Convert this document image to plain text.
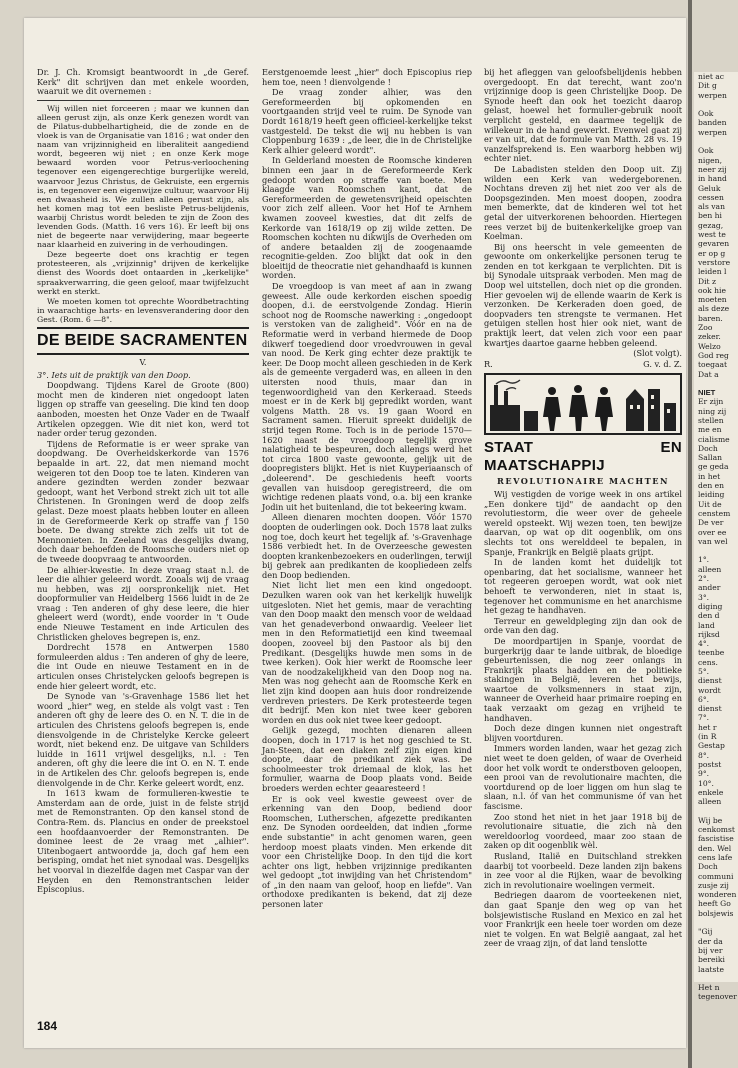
Dr. J. Ch. Kromsigt beantwoordt in „de Geref. Kerk" dit schrijven dan met enkele woorden, waaruit we dit overnemen :

Wij willen niet forceeren ; maar we kunnen dan alleen gerust zijn, als onze Kerk genezen wordt van de Pilatus-dubbelhartigheid, die de zonde en de vloek is van de Organisatie van 1816 ; wat onder den naam van vrijzinnigheid en liberaliteit aangediend wordt, begeeren wij niet ; en onze Kerk moge bewaard worden voor Petrus-verloochening tegenover een eigengerechtige burgerlijke wereld, waarvoor Jezus Christus, de Gekruiste, een ergernis is, en tegenover een eigenwijze cultuur, waarvoor Hij een dwaasheid is. We zullen alleen gerust zijn, als het komen mag tot een besliste Petrus-belijdenis, waarbij Christus wordt beleden te zijn de Zoon des levenden Gods. (Matth. 16 vers 16). Er leeft bij ons niet de begeerte naar verwijdering, maar begeerte naar klaarheid en zuivering in de verhoudingen.

Deze begeerte doet ons krachtig er tegen protesteeren, als „vrijzinnig" drijven de kerkelijke dienst des Woords doet ontaarden in „kerkelijke" spraakverwarring, die geen geloof, maar twijfelzucht werkt en sterkt.

We moeten komen tot oprechte Woordbetrachting in waarachtige harts- en levensverandering door den Gest. (Rom. 6 —8".

DE BEIDE SACRAMENTEN
V.

3°. Iets uit de praktijk van den Doop.

Doopdwang. Tijdens Karel de Groote (800) mocht men de kinderen niet ongedoopt laten liggen op straffe van geeseling. Die kind ten doop aanboden, moesten het Onze Vader en de Twaalf Artikelen opzeggen. Wie dit niet kon, werd tot nader order terug gezonden.

Tijdens de Reformatie is er weer sprake van doopdwang. De Overheidskerkorde van 1576 bepaalde in art. 22, dat men niemand mocht weigeren tot den Doop toe te laten. Kinderen van andere gezindten werden zonder bezwaar gedoopt, want het Verbond strekt zich uit tot alle Christenen. In Groningen werd de doop zelfs gelast. Deze moest plaats hebben louter en alleen in de Gereformeerde Kerk op straffe van ƒ 150 boete. De dwang strekte zich zelfs uit tot de Mennonieten. In Zeeland was desgelijks dwang, doch daar behoefden de Roomsche ouders niet op de tweede doopvraag te antwoorden.

De alhier-kwestie. In deze vraag staat n.l. de leer die alhier geleerd wordt. Zooals wij de vraag nu hebben, was zij oorspronkelijk niet. Het doopformulier van Heidelberg 1566 luidt in de 2e vraag : Ten anderen of ghy dese leere, die hier gheleert werd (wordt), ende voorder in 't Oude ende Nieuwe Testament en inde Articulen des Christlicken gheloves begrepen is, enz.

Dordrecht 1578 en Antwerpen 1580 formuleerden aldus : Ten anderen of ghy de leere, die int Oude en nieuwe Testament en in de articulen onses Christelycken geloofs begrepen is ende hier geleert wordt, etc.

De Synode van 's-Gravenhage 1586 liet het woord „hier" weg, en stelde als volgt vast : Ten anderen oft ghy de leere des O. en N. T. die in de articulen des Christens geloofs begrepen is, ende diensvolgende in de Christelyke Kercke geleert wordt, niet bekend enz. De uitgave van Schilders luidde in 1611 vrijwel desgelijks, n.l. : Ten anderen, oft ghy die leere die int O. en N. T. ende in de Artikelen des Chr. geloofs begrepen is, ende dienvolgende in de Chr. Kerke geleert wordt, enz.

In 1613 kwam de formulieren-kwestie te Amsterdam aan de orde, juist in de felste strijd met de Remonstranten. Op den kansel stond de Contra-Rem. ds. Plancius en onder de preekstoel een hoofdaanvoerder der Remonstranten. De dominee leest de 2e vraag met „alhier". Uitenbogaert antwoordde ja, doch gaf hem een berisping, omdat het niet synodaal was. Desgelijks het voorval in diezelfde dagen met Caspar van der Heyden en den Remonstrantschen leider Episcopius.

Eerstgenoemde leest „hier" doch Episcopius riep hem toe, neen ! dienvolgende !

De vraag zonder alhier, was den Gereformeerden bij opkomenden en voortgaanden strijd veel te ruim. De Synode van Dordt 1618/19 heeft geen officieel-kerkelijke tekst vastgesteld. De tekst die wij nu hebben is van Cloppenburg 1639 : „de leer, die in de Christelijke Kerk alhier geleerd wordt".

In Gelderland moesten de Roomsche kinderen binnen een jaar in de Gereformeerde Kerk gedoopt worden op straffe van boete. Men klaagde van Roomschen kant, dat de Gereformeerden de gewetensvrijheid opeischten voor zich zelf alleen. Voor het Hof te Arnhem kwamen zooveel kwesties, dat dit zelfs de Kerkorde van 1618/19 op zij wilde zetten. De Roomschen kochten nu dikwijls de Overheden om of andere betaalden zij de zoogenaamde recognitie-gelden. Zoo blijkt dat ook in den bloeitijd de theocratie niet gehandhaafd is kunnen worden.

De vroegdoop is van meet af aan in zwang geweest. Alle oude kerkorden eischen spoedig doopen, d.i. de eerstvolgende Zondag. Hierin schoot nog de Roomsche nawerking : „ongedoopt is verstoken van de zaligheid". Vóór en na de Reformatie werd in verband hiermede de Doop dikwerf toegediend door vroedvrouwen in geval van nood. De Kerk ging echter deze praktijk te keer. De Doop mocht alleen geschieden in de Kerk als de gemeente vergaderd was, en alleen in den uitersten nood thuis, maar dan in tegenwoordigheid van den Kerkeraad. Steeds moest er in de Kerk bij gepredikt worden, want volgens Matth. 28 vs. 19 gaan Woord en Sacrament samen. Hieruit spreekt duidelijk de strijd tegen Rome. Toch is in de periode 1570—1620 naast de vroegdoop tegelijk grove nalatigheid te bespeuren, doch allengs werd het tot circa 1800 vaste gewoonte, gelijk uit de doopregisters blijkt. Het is niet Kuyperiaansch of „doleerend". De geschiedenis heeft voorts gevallen van huisdoop geregistreerd, die om wichtige redenen plaats vond, o.a. bij een kranke Jodin uit het buitenland, die tot bekeering kwam.

Alleen dienaren mochten doopen. Vóór 1570 doopten de ouderlingen ook. Doch 1578 laat zulks nog toe, doch keurt het tegelijk af. 's-Gravenhage 1586 verbiedt het. In de Overzeesche gewesten doopten krankenbezoekers en ouderlingen, terwijl bij gebrek aan predikanten de koopliedeen zelfs den Doop bedienden.

Niet licht liet men een kind ongedoopt. Dezulken waren ook van het kerkelijk huwelijk uitgesloten. Niet het gemis, maar de verachting van den Doop maakt den mensch voor de weldaad van het genadeverbond onwaardig. Veeleer liet men in den Reformatietijd een kind tweemaal doopen, zooveel bij den Pastoor als bij den Predikant. (Desgelijks huwde men soms in de twee kerken). Ook hier werkt de Roomsche leer van de noodzakelijkheid van den Doop nog na. Men was nog gehecht aan de Roomsche Kerk en liet zijn kind doopen aan huis door rondreizende verdreven priesters. De Kerk protesteerde tegen dit bedrijf. Men kon niet twee keer geboren worden en dus ook niet twee keer gedoopt.

Gelijk gezegd, mochten dienaren alleen doopen, doch in 1717 is het nog geschied te St. Jan-Steen, dat een diaken zelf zijn eigen kind doopte, daar de predikant ziek was. De schoolmeester trok driemaal de klok, las het formulier, waarna de Doop plaats vond. Beide broeders werden echter geaaresteerd !

Er is ook veel kwestie geweest over de erkenning van den Doop, bediend door Roomschen, Lutherschen, afgezette predikanten enz. De Synoden oordeelden, dat indien „forme ende substantie" in acht genomen waren, geen herdoop moest plaats vinden. Men erkende dit voor een Christelijke Doop. In den tijd die kort achter ons ligt, hebben vrijzinnige predikanten wel gedoopt „tot inwijding van het Christendom" of „in den naam van geloof, hoop en liefde". Van orthodoxe predikanten is bekend, dat zij deze personen later

bij het afleggen van geloofsbelijdenis hebben overgedoopt. En dat terecht, want zoo'n vrijzinnige doop is geen Christelijke Doop. De Synode heeft dan ook het toezicht daarop gelast, hoewel het formulier-gebruik nooit verplicht gesteld, en daarmee tegelijk de willekeur in de hand gewerkt. Evenwel gaat zij er van uit, dat de formule van Matth. 28 vs. 19 vanzelfsprekend is. Een waarborg hebben wij echter niet.

De Labadisten stelden den Doop uit. Zij wilden een Kerk van wedergeborenen. Nochtans dreven zij het niet zoo ver als de Doopsgezinden. Men moest doopen, zoodra men bemerkte, dat de kinderen wel tot het getal der uitverkorenen behoorden. Hiertegen rees verzet bij de buitenkerkelijke groep van Koelman.

Bij ons heerscht in vele gemeenten de gewoonte om onkerkelijke personen terug te zenden en tot kerkgaan te verplichten. Dit is bij Synodale uitspraak verboden. Men mag de Doop wel uitstellen, doch niet op die gronden. Hier gevoelen wij de ellende waarin de Kerk is verzonken. De Kerkeraden doen goed, de doopvaders ten strengste te vermanen. Het getuigen stellen host hier ook niet, want de praktijk leert, dat velen zich voor een paar kwartjes daartoe gaarne hebben geleend.

(Slot volgt).
R.	G. v. d. Z.
STAAT EN MAATSCHAPPIJ
REVOLUTIONAIRE MACHTEN

Wij vestigden de vorige week in ons artikel „Een donkere tijd" de aandacht op den revolutiestorm, die weer over de geheele wereld opsteekt. Wij wezen toen, ten bewijze daarvan, op wat op dit oogenblik, om ons slechts tot ons werelddeel te bepalen, in Spanje, Frankrijk en België plaats grijpt.

In de landen komt het duidelijk tot openbaring, dat het socialisme, wanneer het tot regeeren geroepen wordt, wat ook niet behoeft te verwonderen, niet in staat is, tegenover het communisme en het anarchisme het gezag te handhaven.

Terreur en geweldpleging zijn dan ook de orde van den dag.

De moordpartijen in Spanje, voordat de burgerkrijg daar te lande uitbrak, de bloedige gebeurtenissen, die nog zeer onlangs in Frankrijk plaats hadden en de politieke stakingen in België, leveren het bewijs, waartoe de volksmenners in staat zijn, wanneer de Overheid haar primaire roeping en taak verzaakt om gezag en vrijheid te handhaven.

Doch deze dingen kunnen niet ongestraft blijven voortduren.

Immers worden landen, waar het gezag zich niet weet te doen gelden, of waar de Overheid door het volk wordt te onderstboven geloopen, een prooi van de revolutionaire machten, die voortdurend op de loer liggen om hun slag te slaan, n.l. óf van het communisme óf van het fascisme.

Zoo stond het niet in het jaar 1918 bij de revolutionaire situatie, die zich nà den wereldoorlog voordeed, maar zoo staan de zaken op dit oogenblik wèl.

Rusland, Italië en Duitschland strekken daarbij tot voorbeeld. Deze landen zijn bakens in zee voor al die Rijken, waar de bevolking zich in revolutionaire woelingen vermeit.

Bedriegen daarom de voorteekenen niet, dan gaat Spanje den weg op van het bolsjewistische Rusland en Mexico en zal het voor Frankrijk een heele toer worden om deze niet te volgen. En wat België aangaat, zal het zeer de vraag zijn, of dat land tenslotte

184
niet ac
Dit g
werpen

Ook
banden
werpen

Ook
nigen,
neer zij
in hand
Geluk
cessen
als van
ben hi
gezag,
west te
gevaren
er op g
verstore
leiden l
Dit z
ook hie
moeten
als deze
baren.
Zoo
zeker.
Welzo
God reg
toegaat
Dat a

NIET
Er zijn
ning zij
stellen
me en
cialisme
Doch
Sallan
ge geda
in het
den en
leiding
Uit de
censtem
De ver
over ee
van wel

1°.
alleen
2°.
ander
3°.
diging
den d
land
rijksd
4°.
teenbe
cens.
5°.
dienst
wordt
6°.
dienst
7°.
het r
(in R
Gestap
8°.
postst
9°.
10°.
enkele
alleen

Wij be
cenkomst
fascistise
den. Wel
cens lafe
Doch
communi
zusje zij
wonderen
heeft Go
bolsjewis

"Gij
der da
bij ver
bereiki
laatste

Het n
tegenover
